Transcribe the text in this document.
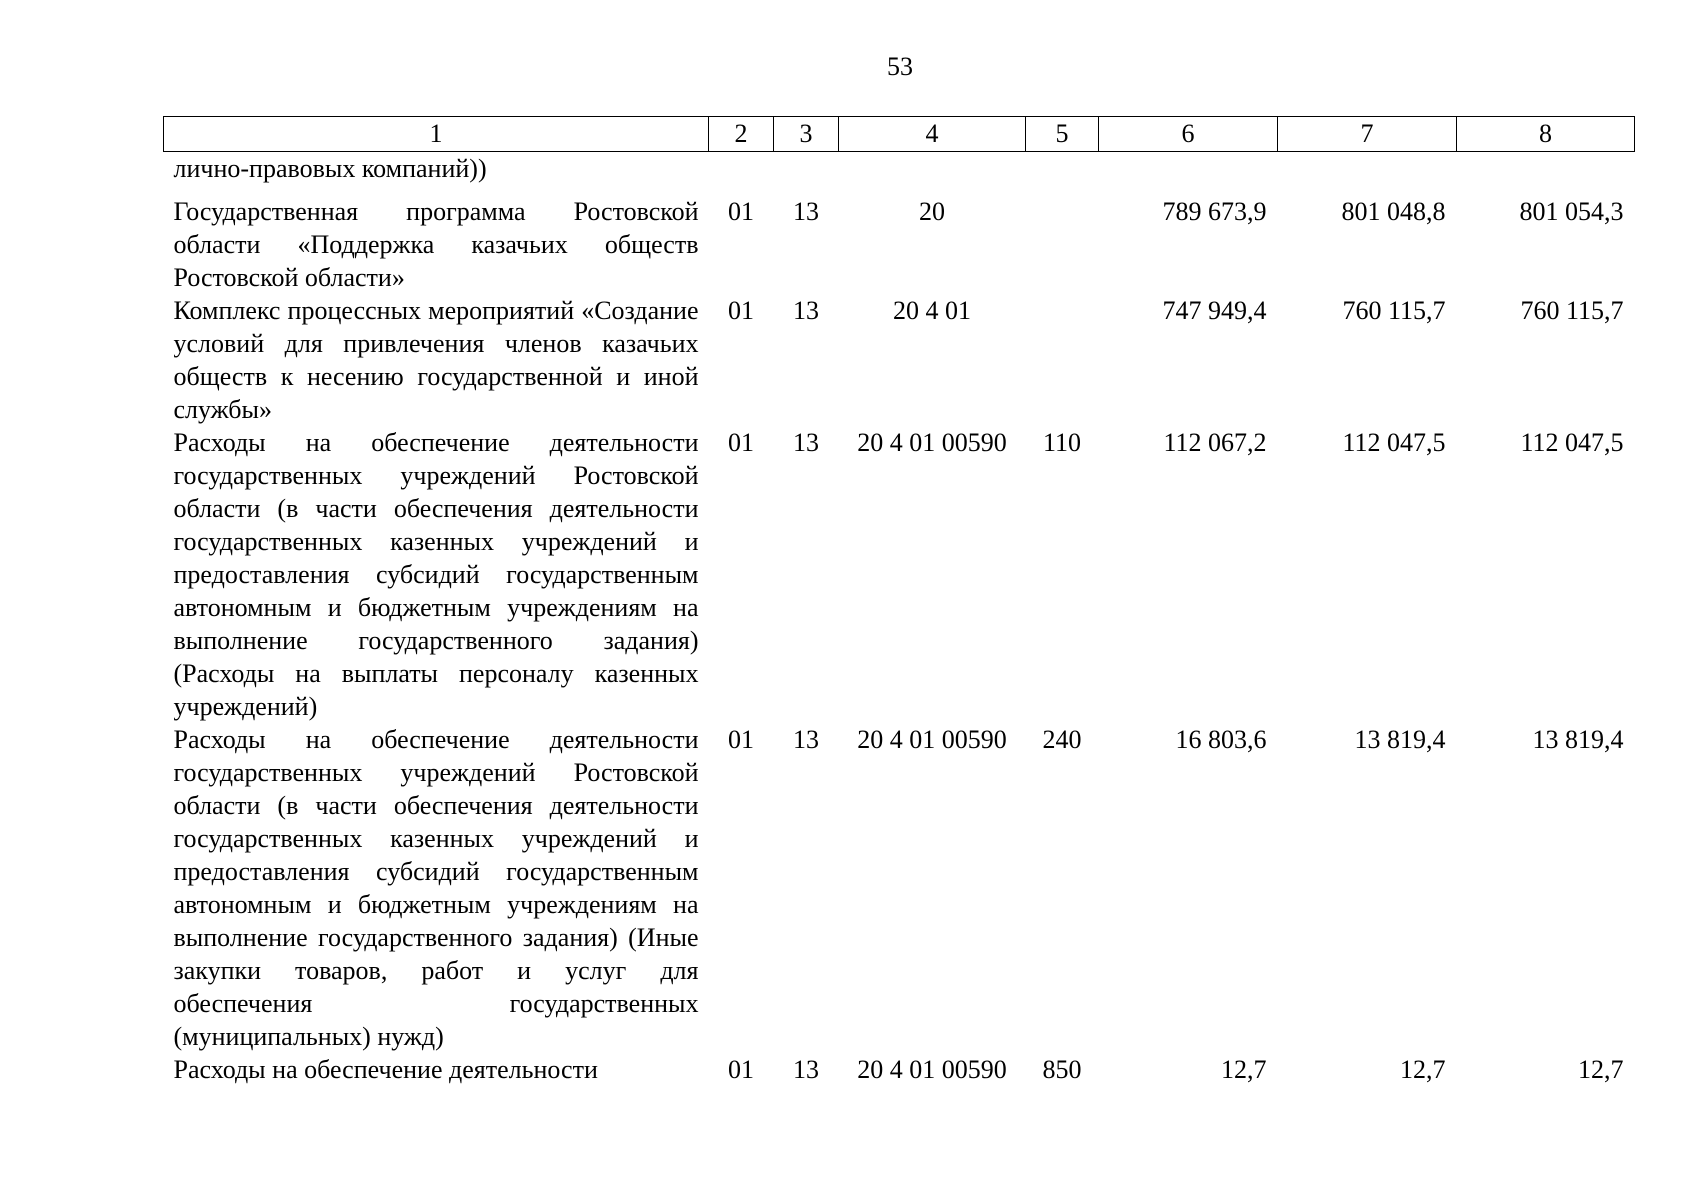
53
1	2	3	4	5	6	7	8
лично-правовых компаний))							
Государственная программа Ростовской области «Поддержка казачьих обществ Ростовской области»	01	13	20		789 673,9	801 048,8	801 054,3
Комплекс процессных мероприятий «Создание условий для привлечения членов казачьих обществ к несению государственной и иной службы»	01	13	20 4 01		747 949,4	760 115,7	760 115,7
Расходы на обеспечение деятельности государственных учреждений Ростовской области (в части обеспечения деятельности государственных казенных учреждений и предоставления субсидий государственным автономным и бюджетным учреждениям на выполнение государственного задания) (Расходы на выплаты персоналу казенных учреждений)	01	13	20 4 01 00590	110	112 067,2	112 047,5	112 047,5
Расходы на обеспечение деятельности государственных учреждений Ростовской области (в части обеспечения деятельности государственных казенных учреждений и предоставления субсидий государственным автономным и бюджетным учреждениям на выполнение государственного задания) (Иные закупки товаров, работ и услуг для обеспечения государственных (муниципальных) нужд)	01	13	20 4 01 00590	240	16 803,6	13 819,4	13 819,4
Расходы на обеспечение деятельности	01	13	20 4 01 00590	850	12,7	12,7	12,7
